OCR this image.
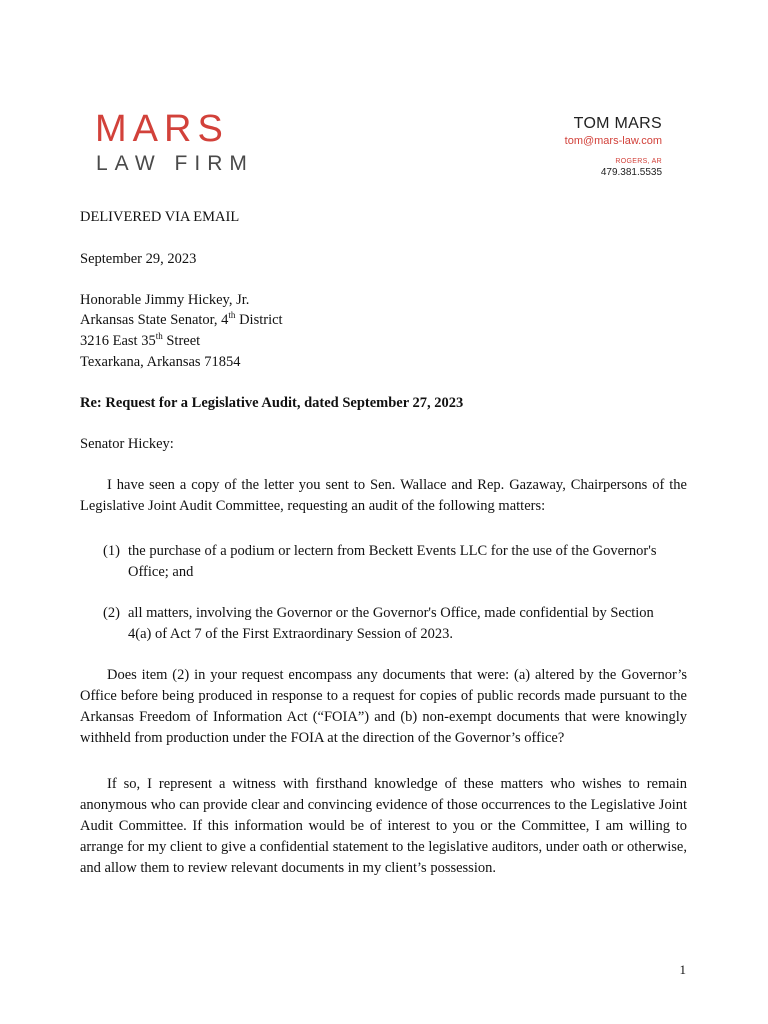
MARS
LAW FIRM
TOM MARS
tom@mars-law.com
ROGERS, AR
479.381.5535
DELIVERED VIA EMAIL
September 29, 2023
Honorable Jimmy Hickey, Jr.
Arkansas State Senator, 4th District
3216 East 35th Street
Texarkana, Arkansas 71854
Re: Request for a Legislative Audit, dated September 27, 2023
Senator Hickey:
I have seen a copy of the letter you sent to Sen. Wallace and Rep. Gazaway, Chairpersons of the Legislative Joint Audit Committee, requesting an audit of the following matters:
(1) the purchase of a podium or lectern from Beckett Events LLC for the use of the Governor's
Office; and
(2) all matters, involving the Governor or the Governor's Office, made confidential by Section
4(a) of Act 7 of the First Extraordinary Session of 2023.
Does item (2) in your request encompass any documents that were: (a) altered by the Governor’s Office before being produced in response to a request for copies of public records made pursuant to the Arkansas Freedom of Information Act (“FOIA”) and (b) non-exempt documents that were knowingly withheld from production under the FOIA at the direction of the Governor’s office?
If so, I represent a witness with firsthand knowledge of these matters who wishes to remain anonymous who can provide clear and convincing evidence of those occurrences to the Legislative Joint Audit Committee. If this information would be of interest to you or the Committee, I am willing to arrange for my client to give a confidential statement to the legislative auditors, under oath or otherwise, and allow them to review relevant documents in my client’s possession.
1
